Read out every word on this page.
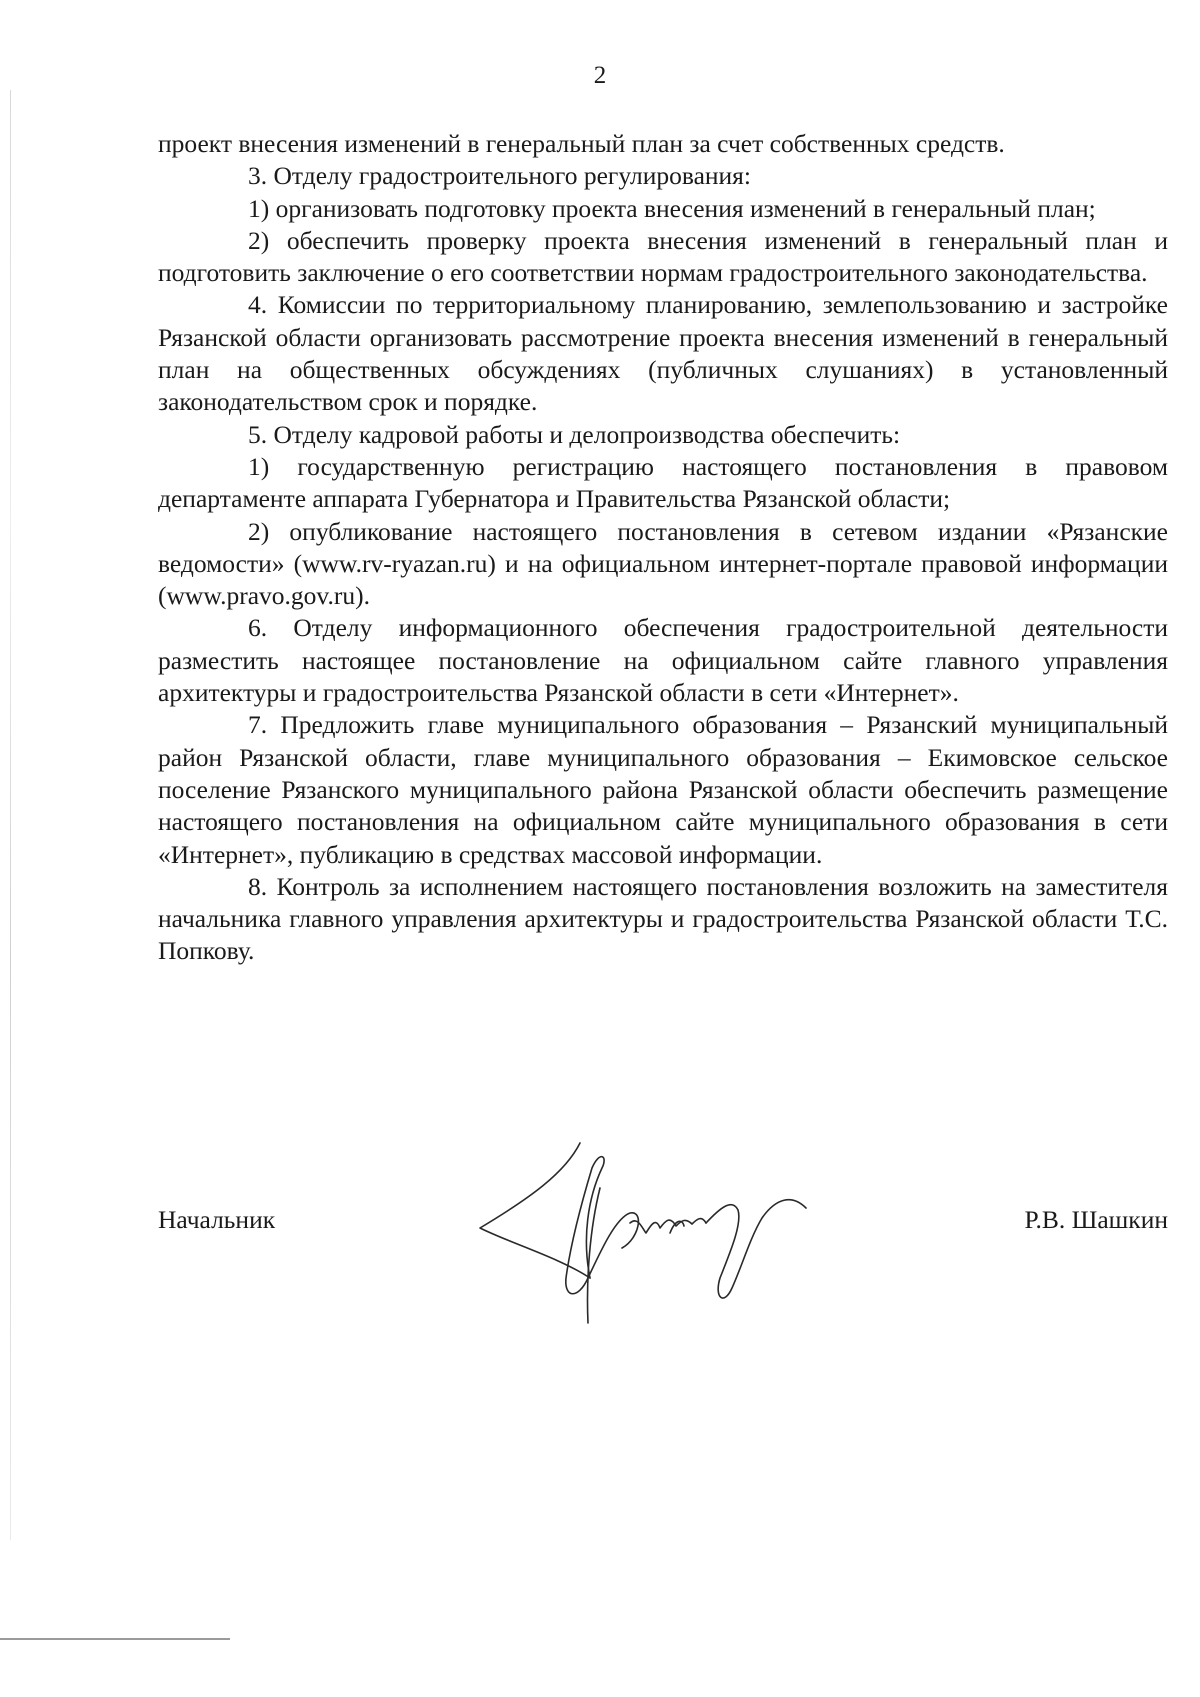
2

проект внесения изменений в генеральный план за счет собственных средств.

3. Отделу градостроительного регулирования:

1) организовать подготовку проекта внесения изменений в генеральный план;

2) обеспечить проверку проекта внесения изменений в генеральный план и подготовить заключение о его соответствии нормам градостроительного законодательства.

4. Комиссии по территориальному планированию, землепользованию и застройке Рязанской области организовать рассмотрение проекта внесения изменений в генеральный план на общественных обсуждениях (публичных слушаниях) в установленный законодательством срок и порядке.

5. Отделу кадровой работы и делопроизводства обеспечить:

1) государственную регистрацию настоящего постановления в правовом департаменте аппарата Губернатора и Правительства Рязанской области;

2) опубликование настоящего постановления в сетевом издании «Рязанские ведомости» (www.rv-ryazan.ru) и на официальном интернет-портале правовой информации (www.pravo.gov.ru).

6. Отделу информационного обеспечения градостроительной деятельности разместить настоящее постановление на официальном сайте главного управления архитектуры и градостроительства Рязанской области в сети «Интернет».

7. Предложить главе муниципального образования – Рязанский муниципальный район Рязанской области, главе муниципального образования – Екимовское сельское поселение Рязанского муниципального района Рязанской области обеспечить размещение настоящего постановления на официальном сайте муниципального образования в сети «Интернет», публикацию в средствах массовой информации.

8. Контроль за исполнением настоящего постановления возложить на заместителя начальника главного управления архитектуры и градостроительства Рязанской области Т.С. Попкову.

Начальник	Р.В. Шашкин
